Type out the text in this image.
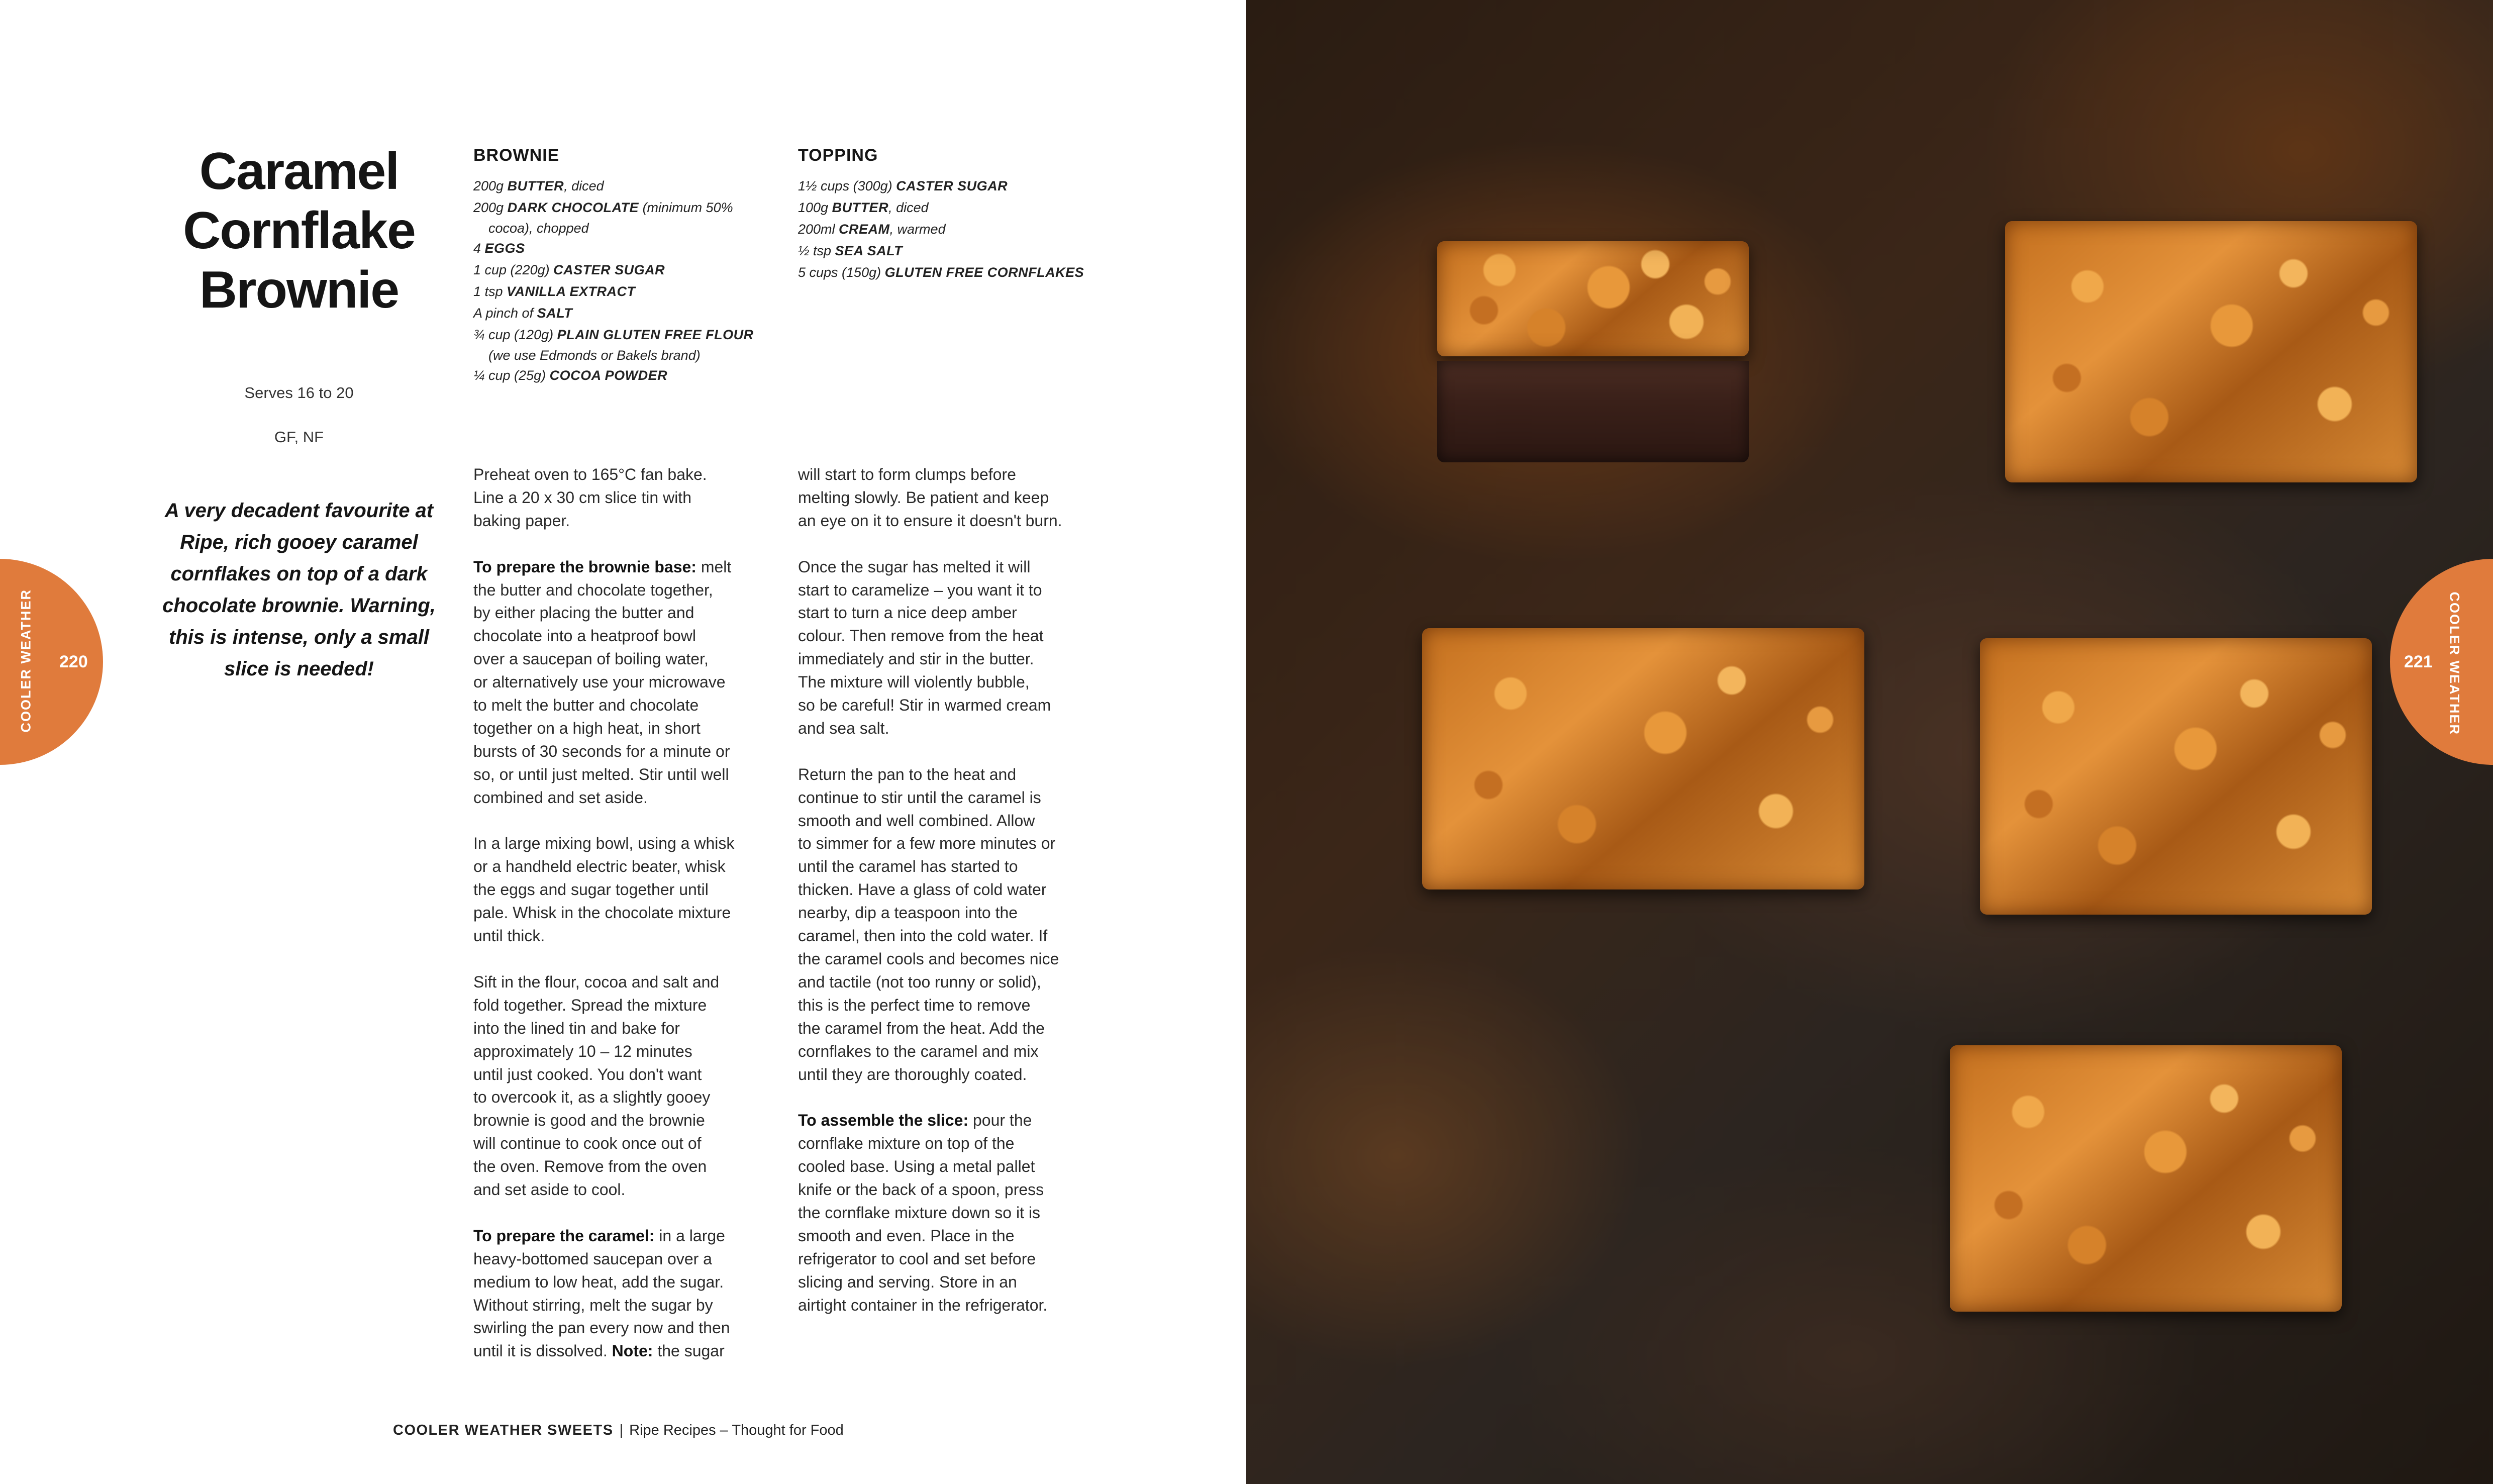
Caramel
Cornflake
Brownie
Serves 16 to 20
GF, NF
A very decadent favourite at Ripe, rich gooey caramel cornflakes on top of a dark chocolate brownie. Warning, this is intense, only a small slice is needed!
BROWNIE
200g BUTTER, diced
200g DARK CHOCOLATE (minimum 50%
cocoa), chopped
4 EGGS
1 cup (220g) CASTER SUGAR
1 tsp VANILLA EXTRACT
A pinch of SALT
¾ cup (120g) PLAIN GLUTEN FREE FLOUR
(we use Edmonds or Bakels brand)
¼ cup (25g) COCOA POWDER
TOPPING
1½ cups (300g) CASTER SUGAR
100g BUTTER, diced
200ml CREAM, warmed
½ tsp SEA SALT
5 cups (150g) GLUTEN FREE CORNFLAKES

Preheat oven to 165°C fan bake.
Line a 20 x 30 cm slice tin with
baking paper.

To prepare the brownie base: melt
the butter and chocolate together,
by either placing the butter and
chocolate into a heatproof bowl
over a saucepan of boiling water,
or alternatively use your microwave
to melt the butter and chocolate
together on a high heat, in short
bursts of 30 seconds for a minute or
so, or until just melted. Stir until well
combined and set aside.

In a large mixing bowl, using a whisk
or a handheld electric beater, whisk
the eggs and sugar together until
pale. Whisk in the chocolate mixture
until thick.

Sift in the flour, cocoa and salt and
fold together. Spread the mixture
into the lined tin and bake for
approximately 10 – 12 minutes
until just cooked. You don't want
to overcook it, as a slightly gooey
brownie is good and the brownie
will continue to cook once out of
the oven. Remove from the oven
and set aside to cool.

To prepare the caramel: in a large
heavy-bottomed saucepan over a
medium to low heat, add the sugar.
Without stirring, melt the sugar by
swirling the pan every now and then
until it is dissolved. Note: the sugar

will start to form clumps before
melting slowly. Be patient and keep
an eye on it to ensure it doesn't burn.

Once the sugar has melted it will
start to caramelize – you want it to
start to turn a nice deep amber
colour. Then remove from the heat
immediately and stir in the butter.
The mixture will violently bubble,
so be careful! Stir in warmed cream
and sea salt.

Return the pan to the heat and
continue to stir until the caramel is
smooth and well combined. Allow
to simmer for a few more minutes or
until the caramel has started to
thicken. Have a glass of cold water
nearby, dip a teaspoon into the
caramel, then into the cold water. If
the caramel cools and becomes nice
and tactile (not too runny or solid),
this is the perfect time to remove
the caramel from the heat. Add the
cornflakes to the caramel and mix
until they are thoroughly coated.

To assemble the slice: pour the
cornflake mixture on top of the
cooled base. Using a metal pallet
knife or the back of a spoon, press
the cornflake mixture down so it is
smooth and even. Place in the
refrigerator to cool and set before
slicing and serving. Store in an
airtight container in the refrigerator.

COOLER WEATHER SWEETS | Ripe Recipes – Thought for Food
COOLER WEATHER 220	COOLER WEATHER
221
